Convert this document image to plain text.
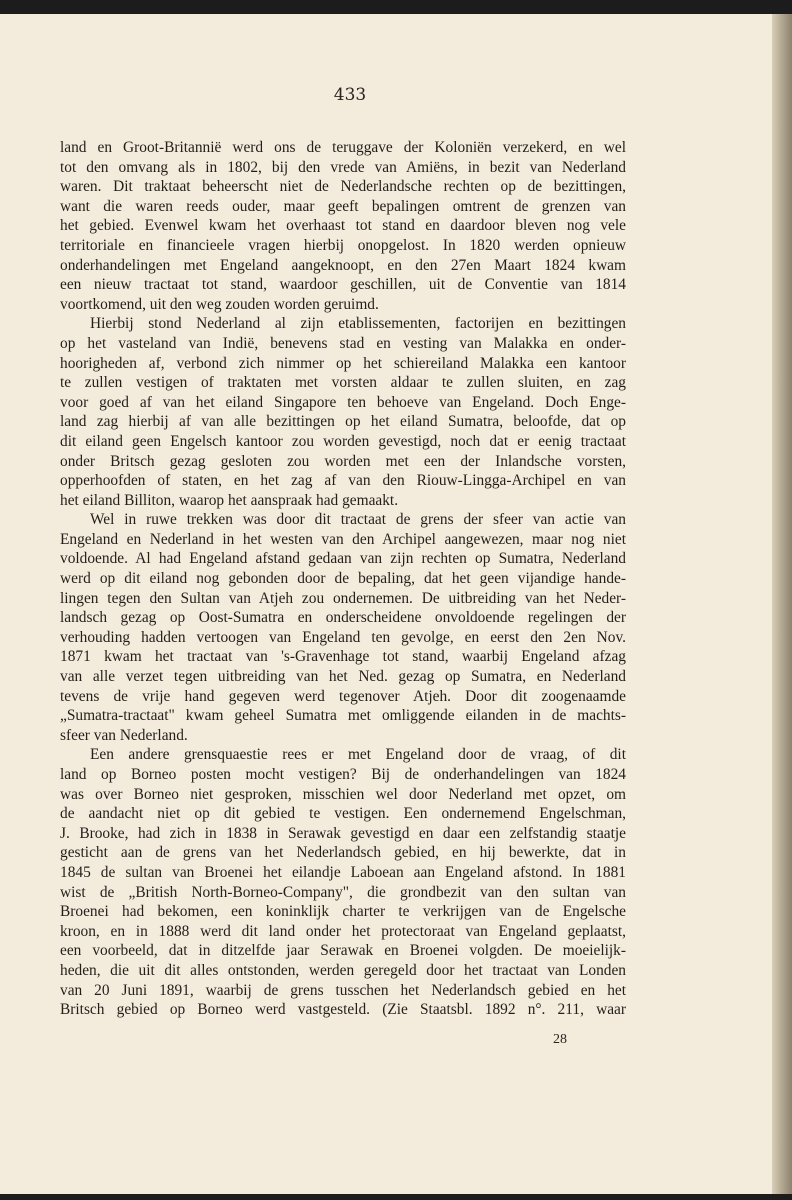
433
land en Groot-Britannië werd ons de teruggave der Koloniën verzekerd, en wel
tot den omvang als in 1802, bij den vrede van Amiëns, in bezit van Nederland
waren. Dit traktaat beheerscht niet de Nederlandsche rechten op de bezittingen,
want die waren reeds ouder, maar geeft bepalingen omtrent de grenzen van
het gebied. Evenwel kwam het overhaast tot stand en daardoor bleven nog vele
territoriale en financieele vragen hierbij onopgelost. In 1820 werden opnieuw
onderhandelingen met Engeland aangeknoopt, en den 27en Maart 1824 kwam
een nieuw tractaat tot stand, waardoor geschillen, uit de Conventie van 1814
voortkomend, uit den weg zouden worden geruimd.
Hierbij stond Nederland al zijn etablissementen, factorijen en bezittingen
op het vasteland van Indië, benevens stad en vesting van Malakka en onder-
hoorigheden af, verbond zich nimmer op het schiereiland Malakka een kantoor
te zullen vestigen of traktaten met vorsten aldaar te zullen sluiten, en zag
voor goed af van het eiland Singapore ten behoeve van Engeland. Doch Enge-
land zag hierbij af van alle bezittingen op het eiland Sumatra, beloofde, dat op
dit eiland geen Engelsch kantoor zou worden gevestigd, noch dat er eenig tractaat
onder Britsch gezag gesloten zou worden met een der Inlandsche vorsten,
opperhoofden of staten, en het zag af van den Riouw-Lingga-Archipel en van
het eiland Billiton, waarop het aanspraak had gemaakt.
Wel in ruwe trekken was door dit tractaat de grens der sfeer van actie van
Engeland en Nederland in het westen van den Archipel aangewezen, maar nog niet
voldoende. Al had Engeland afstand gedaan van zijn rechten op Sumatra, Nederland
werd op dit eiland nog gebonden door de bepaling, dat het geen vijandige hande-
lingen tegen den Sultan van Atjeh zou ondernemen. De uitbreiding van het Neder-
landsch gezag op Oost-Sumatra en onderscheidene onvoldoende regelingen der
verhouding hadden vertoogen van Engeland ten gevolge, en eerst den 2en Nov.
1871 kwam het tractaat van 's-Gravenhage tot stand, waarbij Engeland afzag
van alle verzet tegen uitbreiding van het Ned. gezag op Sumatra, en Nederland
tevens de vrije hand gegeven werd tegenover Atjeh. Door dit zoogenaamde
„Sumatra-tractaat" kwam geheel Sumatra met omliggende eilanden in de machts-
sfeer van Nederland.
Een andere grensquaestie rees er met Engeland door de vraag, of dit
land op Borneo posten mocht vestigen? Bij de onderhandelingen van 1824
was over Borneo niet gesproken, misschien wel door Nederland met opzet, om
de aandacht niet op dit gebied te vestigen. Een ondernemend Engelschman,
J. Brooke, had zich in 1838 in Serawak gevestigd en daar een zelfstandig staatje
gesticht aan de grens van het Nederlandsch gebied, en hij bewerkte, dat in
1845 de sultan van Broenei het eilandje Laboean aan Engeland afstond. In 1881
wist de „British North-Borneo-Company", die grondbezit van den sultan van
Broenei had bekomen, een koninklijk charter te verkrijgen van de Engelsche
kroon, en in 1888 werd dit land onder het protectoraat van Engeland geplaatst,
een voorbeeld, dat in ditzelfde jaar Serawak en Broenei volgden. De moeielijk-
heden, die uit dit alles ontstonden, werden geregeld door het tractaat van Londen
van 20 Juni 1891, waarbij de grens tusschen het Nederlandsch gebied en het
Britsch gebied op Borneo werd vastgesteld. (Zie Staatsbl. 1892 n°. 211, waar
28
